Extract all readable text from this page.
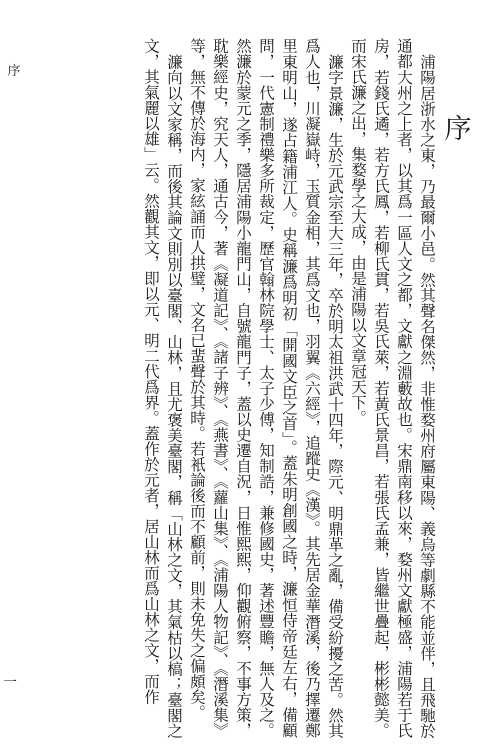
序
序
一	浦陽居浙水之東，乃最爾小邑。然其聲名傑然，非惟婺州府屬東陽、義烏等劇縣不能並伴，且飛馳於通都大州之上者，以其爲一區人文之都，文獻之淵藪故也。宋鼎南移以來，婺州文獻極盛，浦陽若于氏房，若錢氏遹，若方氏鳳，若柳氏貫，若吳氏萊，若黃氏景昌，若張氏孟兼，皆繼世疊起，彬彬懿美。而宋氏濂之出，集婺學之大成，由是浦陽以文章冠天下。

濂字景濂，生於元武宗至大三年，卒於明太祖洪武十四年，際元、明鼎革之亂，備受紛擾之苦。然其爲人也，川凝嶽峙，玉質金相，其爲文也，羽翼《六經》，追蹤史《漢》。其先居金華潛溪，後乃擇遷鄭里東明山，遂占籍浦江人。史稱濂爲明初「開國文臣之首」。蓋朱明創國之時，濂恒侍帝廷左右，備顧問，一代憲制禮樂多所裁定，歷官翰林院學士、太子少傅，知制誥，兼修國史，著述豐贍，無人及之。然濂於蒙元之季，隱居浦陽小龍門山，自號龍門子，蓋以史遷自況，日惟熙熙，仰觀俯察，不事方策，耽樂經史，究天人，通古今，著《凝道記》、《諸子辨》、《燕書》、《蘿山集》、《浦陽人物記》、《潛溪集》等，無不傳於海内，家絃誦而人拱璧，文名已蜚聲於其時。若衹論後而不顧前，則未免失之偏頗矣。

濂向以文家稱，而後其論文則別以臺閣、山林，且尤褒美臺閣，稱「山林之文，其氣枯以槁；臺閣之文，其氣麗以雄」云。然觀其文，即以元、明二代爲界。蓋作於元者，居山林而爲山林之文，而作
